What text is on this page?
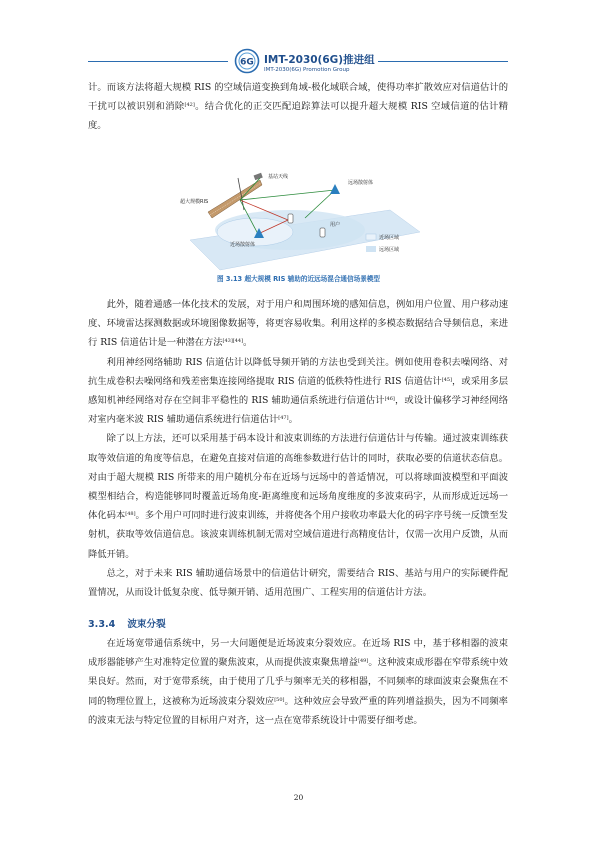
6G IMT-2030(6G)推进组
IMT-2030(6G) Promotion Group

计。而该方法将超大规模 RIS 的空域信道变换到角域-极化域联合域，使得功率扩散效应对信道估计的干扰可以被识别和消除[42]。结合优化的正交匹配追踪算法可以提升超大规模 RIS 空域信道的估计精度。

基站天线
超大规模RIS
远场散射体
用户
近场散射体
近场区域
远场区域
图 3.13 超大规模 RIS 辅助的近远场混合通信场景模型

此外，随着通感一体化技术的发展，对于用户和周围环境的感知信息，例如用户位置、用户移动速度、环境雷达探测数据或环境图像数据等，将更容易收集。利用这样的多模态数据结合导频信息，来进行 RIS 信道估计是一种潜在方法[43][44]。

利用神经网络辅助 RIS 信道估计以降低导频开销的方法也受到关注。例如使用卷积去噪网络、对抗生成卷积去噪网络和残差密集连接网络提取 RIS 信道的低秩特性进行 RIS 信道估计[45]，或采用多层感知机神经网络对存在空间非平稳性的 RIS 辅助通信系统进行信道估计[46]，或设计偏移学习神经网络对室内毫米波 RIS 辅助通信系统进行信道估计[47]。

除了以上方法，还可以采用基于码本设计和波束训练的方法进行信道估计与传输。通过波束训练获取等效信道的角度等信息，在避免直接对信道的高维参数进行估计的同时，获取必要的信道状态信息。对由于超大规模 RIS 所带来的用户随机分布在近场与远场中的普适情况，可以将球面波模型和平面波模型相结合，构造能够同时覆盖近场角度-距离维度和远场角度维度的多波束码字，从而形成近远场一体化码本[48]。多个用户可同时进行波束训练，并将使各个用户接收功率最大化的码字序号统一反馈至发射机，获取等效信道信息。该波束训练机制无需对空域信道进行高精度估计，仅需一次用户反馈，从而降低开销。

总之，对于未来 RIS 辅助通信场景中的信道估计研究，需要结合 RIS、基站与用户的实际硬件配置情况，从而设计低复杂度、低导频开销、适用范围广、工程实用的信道估计方法。

3.3.4 波束分裂

在近场宽带通信系统中，另一大问题便是近场波束分裂效应。在近场 RIS 中，基于移相器的波束成形器能够产生对准特定位置的聚焦波束，从而提供波束聚焦增益[49]。这种波束成形器在窄带系统中效果良好。然而，对于宽带系统，由于使用了几乎与频率无关的移相器，不同频率的球面波束会聚焦在不同的物理位置上，这被称为近场波束分裂效应[50]。这种效应会导致严重的阵列增益损失，因为不同频率的波束无法与特定位置的目标用户对齐，这一点在宽带系统设计中需要仔细考虑。

20
